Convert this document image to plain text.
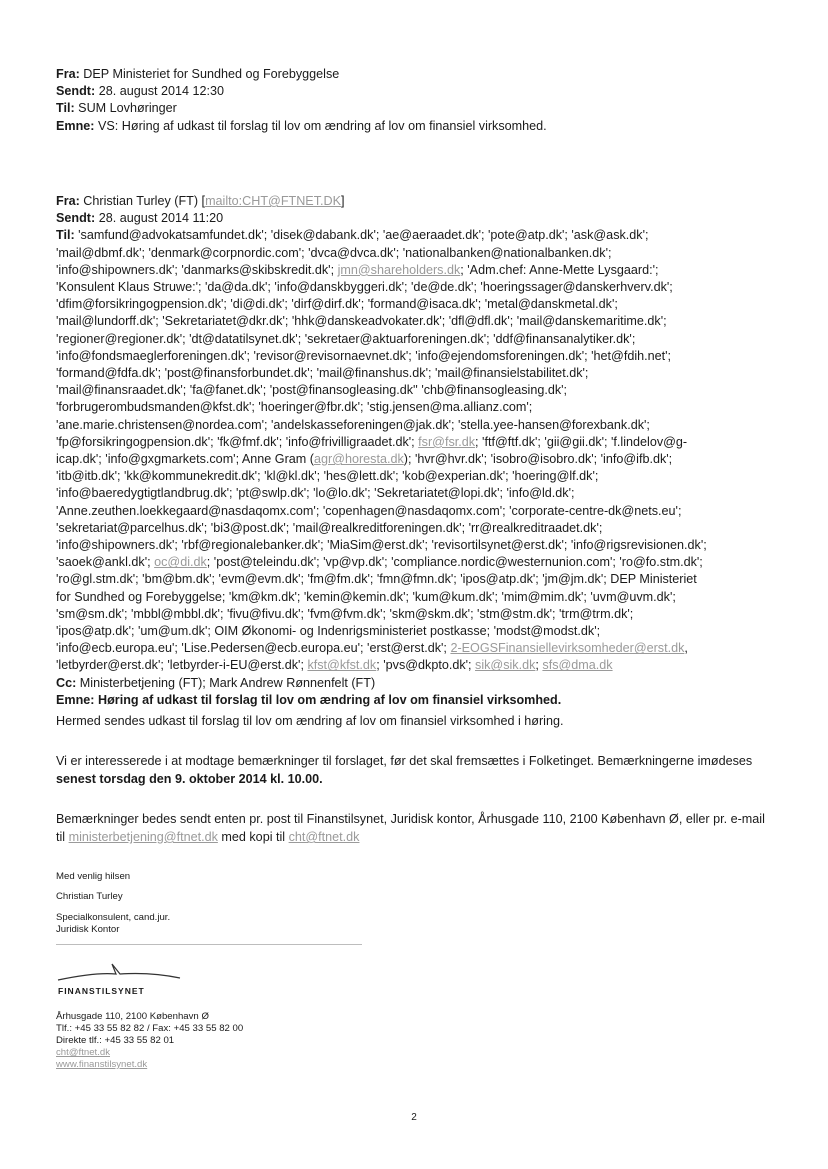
Fra: DEP Ministeriet for Sundhed og Forebyggelse
Sendt: 28. august 2014 12:30
Til: SUM Lovhøringer
Emne: VS: Høring af udkast til forslag til lov om ændring af lov om finansiel virksomhed.
Fra: Christian Turley (FT) [mailto:CHT@FTNET.DK]
Sendt: 28. august 2014 11:20
Til: 'samfund@advokatsamfundet.dk'; 'disek@dabank.dk'; 'ae@aeraadet.dk'; 'pote@atp.dk'; 'ask@ask.dk';
'mail@dbmf.dk'; 'denmark@corpnordic.com'; 'dvca@dvca.dk'; 'nationalbanken@nationalbanken.dk';
'info@shipowners.dk'; 'danmarks@skibskredit.dk'; jmn@shareholders.dk; 'Adm.chef: Anne-Mette Lysgaard:';
'Konsulent Klaus Struwe:'; 'da@da.dk'; 'info@danskbyggeri.dk'; 'de@de.dk'; 'hoeringssager@danskerhverv.dk';
'dfim@forsikringogpension.dk'; 'di@di.dk'; 'dirf@dirf.dk'; 'formand@isaca.dk'; 'metal@danskmetal.dk';
'mail@lundorff.dk'; 'Sekretariatet@dkr.dk'; 'hhk@danskeadvokater.dk'; 'dfl@dfl.dk'; 'mail@danskemaritime.dk';
'regioner@regioner.dk'; 'dt@datatilsynet.dk'; 'sekretaer@aktuarforeningen.dk'; 'ddf@finansanalytiker.dk';
'info@fondsmaeglerforeningen.dk'; 'revisor@revisornaevnet.dk'; 'info@ejendomsforeningen.dk'; 'het@fdih.net';
'formand@fdfa.dk'; 'post@finansforbundet.dk'; 'mail@finanshus.dk'; 'mail@finansielstabilitet.dk';
'mail@finansraadet.dk'; 'fa@fanet.dk'; 'post@finansogleasing.dk'' 'chb@finansogleasing.dk';
'forbrugerombudsmanden@kfst.dk'; 'hoeringer@fbr.dk'; 'stig.jensen@ma.allianz.com';
'ane.marie.christensen@nordea.com'; 'andelskasseforeningen@jak.dk'; 'stella.yee-hansen@forexbank.dk';
'fp@forsikringogpension.dk'; 'fk@fmf.dk'; 'info@frivilligraadet.dk'; fsr@fsr.dk; 'ftf@ftf.dk'; 'gii@gii.dk'; 'f.lindelov@g-
icap.dk'; 'info@gxgmarkets.com'; Anne Gram (agr@horesta.dk); 'hvr@hvr.dk'; 'isobro@isobro.dk'; 'info@ifb.dk';
'itb@itb.dk'; 'kk@kommunekredit.dk'; 'kl@kl.dk'; 'hes@lett.dk'; 'kob@experian.dk'; 'hoering@lf.dk';
'info@baeredygtigtlandbrug.dk'; 'pt@swlp.dk'; 'lo@lo.dk'; 'Sekretariatet@lopi.dk'; 'info@ld.dk';
'Anne.zeuthen.loekkegaard@nasdaqomx.com'; 'copenhagen@nasdaqomx.com'; 'corporate-centre-dk@nets.eu';
'sekretariat@parcelhus.dk'; 'bi3@post.dk'; 'mail@realkreditforeningen.dk'; 'rr@realkreditraadet.dk';
'info@shipowners.dk'; 'rbf@regionalebanker.dk'; 'MiaSim@erst.dk'; 'revisortilsynet@erst.dk'; 'info@rigsrevisionen.dk';
'saoek@ankl.dk'; oc@di.dk; 'post@teleindu.dk'; 'vp@vp.dk'; 'compliance.nordic@westernunion.com'; 'ro@fo.stm.dk';
'ro@gl.stm.dk'; 'bm@bm.dk'; 'evm@evm.dk'; 'fm@fm.dk'; 'fmn@fmn.dk'; 'ipos@atp.dk'; 'jm@jm.dk'; DEP Ministeriet
for Sundhed og Forebyggelse; 'km@km.dk'; 'kemin@kemin.dk'; 'kum@kum.dk'; 'mim@mim.dk'; 'uvm@uvm.dk';
'sm@sm.dk'; 'mbbl@mbbl.dk'; 'fivu@fivu.dk'; 'fvm@fvm.dk'; 'skm@skm.dk'; 'stm@stm.dk'; 'trm@trm.dk';
'ipos@atp.dk'; 'um@um.dk'; OIM Økonomi- og Indenrigsministeriet postkasse; 'modst@modst.dk';
'info@ecb.europa.eu'; 'Lise.Pedersen@ecb.europa.eu'; 'erst@erst.dk'; 2-EOGSFinansiellevirksomheder@erst.dk,
'letbyrder@erst.dk'; 'letbyrder-i-EU@erst.dk'; kfst@kfst.dk; 'pvs@dkpto.dk'; sik@sik.dk; sfs@dma.dk
Cc: Ministerbetjening (FT); Mark Andrew Rønnenfelt (FT)
Emne: Høring af udkast til forslag til lov om ændring af lov om finansiel virksomhed.
Hermed sendes udkast til forslag til lov om ændring af lov om finansiel virksomhed i høring.
Vi er interesserede i at modtage bemærkninger til forslaget, før det skal fremsættes i Folketinget. Bemærkningerne imødeses senest torsdag den 9. oktober 2014 kl. 10.00.
Bemærkninger bedes sendt enten pr. post til Finanstilsynet, Juridisk kontor, Århusgade 110, 2100 København Ø, eller pr. e-mail til ministerbetjening@ftnet.dk med kopi til cht@ftnet.dk
Med venlig hilsen
Christian Turley
Specialkonsulent, cand.jur.
Juridisk Kontor
FINANSTILSYNET
Århusgade 110, 2100 København Ø
Tlf.: +45 33 55 82 82 / Fax: +45 33 55 82 00
Direkte tlf.: +45 33 55 82 01
cht@ftnet.dk
www.finanstilsynet.dk
2
